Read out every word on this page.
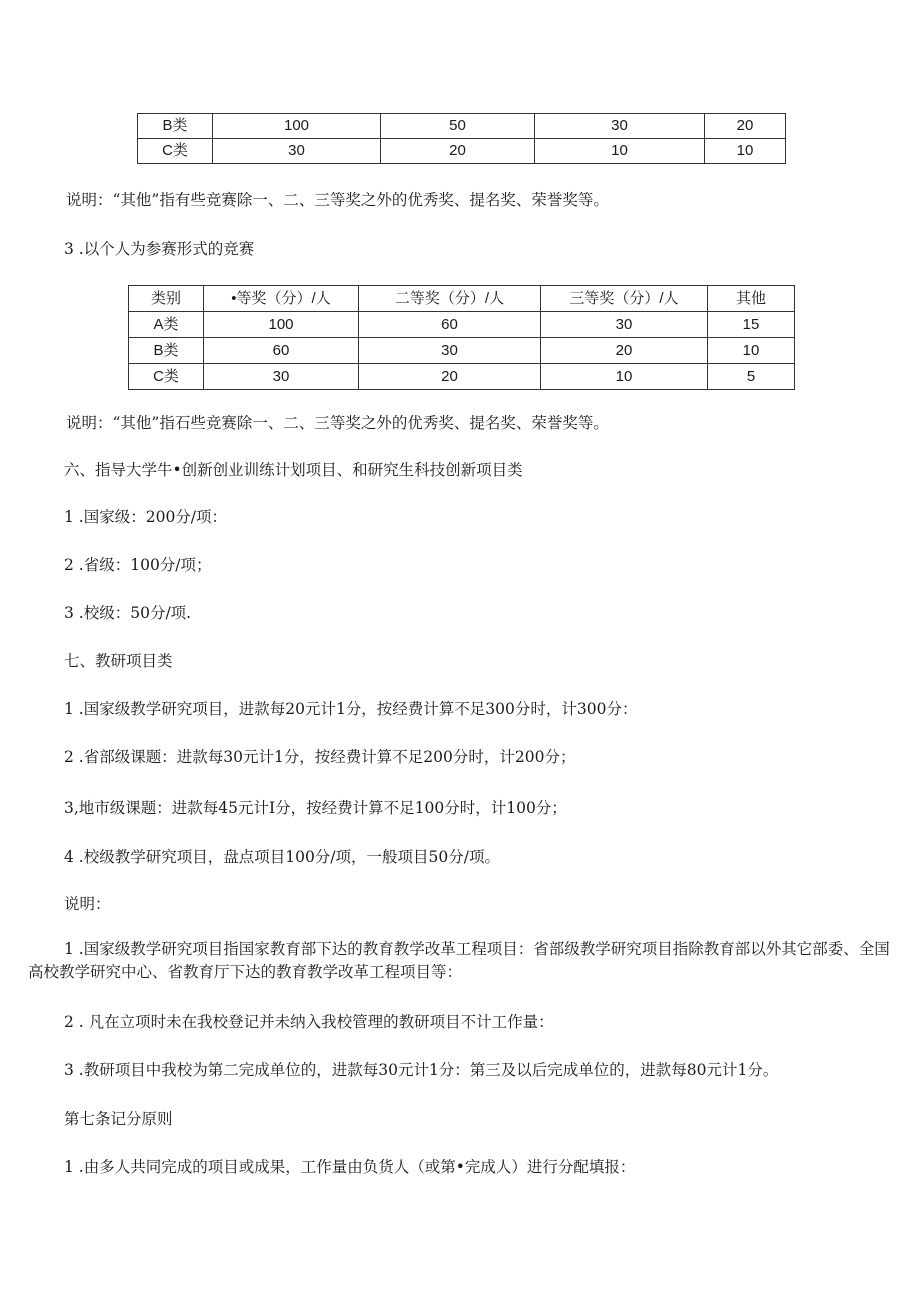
B类	100	50	30	20
C类	30	20	10	10
说明：“其他”指有些竞赛除一、二、三等奖之外的优秀奖、提名奖、荣誉奖等。
3 .以个人为参赛形式的竞赛
类别	•等奖（分）/人	二等奖（分）/人	三等奖（分）/人	其他
A类	100	60	30	15
B类	60	30	20	10
C类	30	20	10	5
说明：“其他”指石些竞赛除一、二、三等奖之外的优秀奖、提名奖、荣誉奖等。
六、指导大学牛•创新创业训练计划项目、和研究生科技创新项目类
1 .国家级：200分/项：
2 .省级：100分/项；
3 .校级：50分/项.
七、教研项目类
1 .国家级教学研究项目，进款每20元计1分，按经费计算不足300分时，计300分：
2 .省部级课题：进款每30元计1分，按经费计算不足200分时，计200分；
3,地市级课题：进款每45元计I分，按经费计算不足100分时，计100分；
4 .校级教学研究项目，盘点项目100分/项，一般项目50分/项。
说明：
1 .国家级教学研究项目指国家教育部下达的教育教学改革工程项目：省部级教学研究项目指除教育部以外其它部委、全国高校教学研究中心、省教育厅下达的教育教学改革工程项目等：
2 . 凡在立项时未在我校登记并未纳入我校管理的教研项目不计工作量：
3 .教研项目中我校为第二完成单位的，进款每30元计1分：第三及以后完成单位的，进款每80元计1分。
第七条记分原则
1 .由多人共同完成的项目或成果，工作量由负货人（或第•完成人）进行分配填报：
